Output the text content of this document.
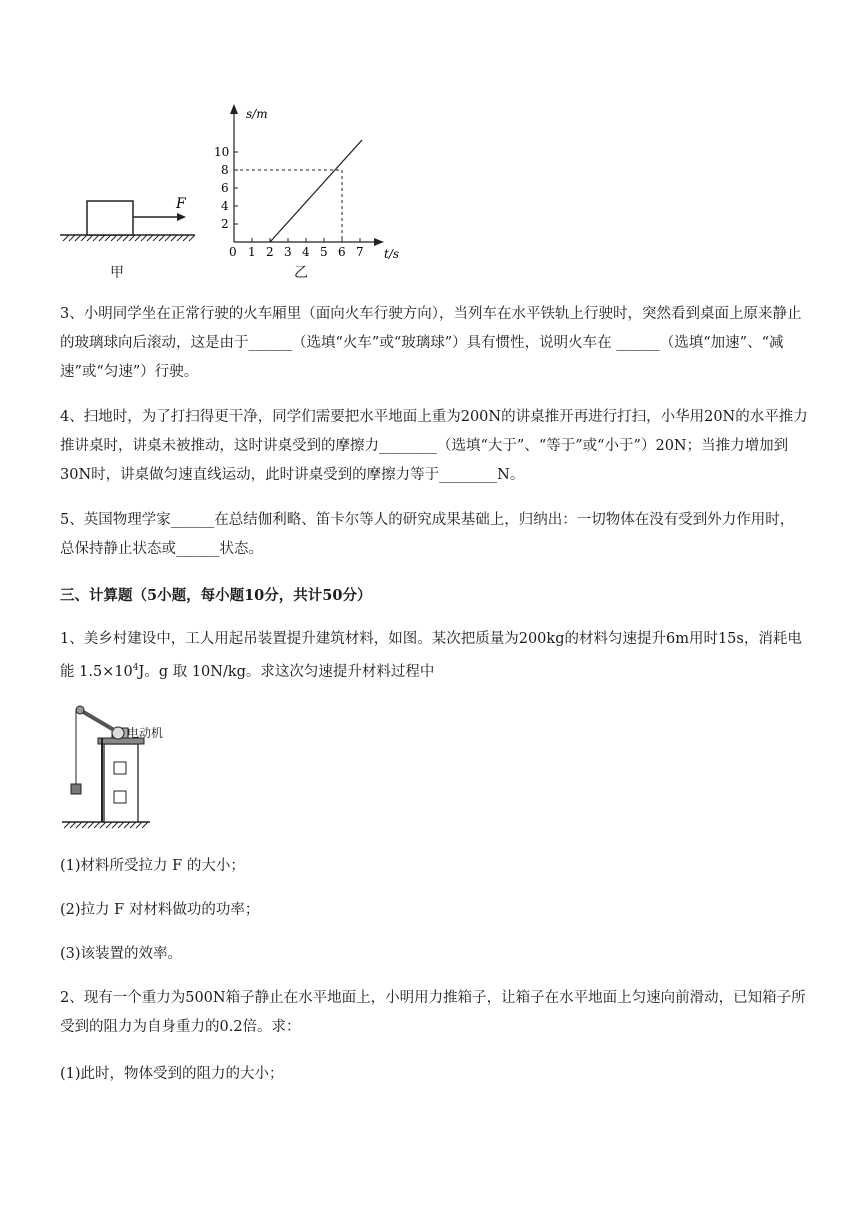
F
甲
s/m
t/s
2
4
6
8
10
0 1 2 3 4 5 6 7
乙

3、小明同学坐在正常行驶的火车厢里（面向火车行驶方向），当列车在水平铁轨上行驶时，突然看到桌面上原来静止的玻璃球向后滚动，这是由于______（选填“火车”或“玻璃球”）具有惯性，说明火车在 ______（选填“加速”、“减速”或“匀速”）行驶。

4、扫地时，为了打扫得更干净，同学们需要把水平地面上重为200N的讲桌推开再进行打扫，小华用20N的水平推力推讲桌时，讲桌未被推动，这时讲桌受到的摩擦力________（选填“大于”、“等于”或“小于”）20N；当推力增加到30N时，讲桌做匀速直线运动，此时讲桌受到的摩擦力等于________N。

5、英国物理学家______在总结伽利略、笛卡尔等人的研究成果基础上，归纳出：一切物体在没有受到外力作用时，总保持静止状态或______状态。

三、计算题（5小题，每小题10分，共计50分）

1、美乡村建设中，工人用起吊装置提升建筑材料，如图。某次把质量为200kg的材料匀速提升6m用时15s，消耗电能 $1.5\times 10^4J$。g 取 10N/kg。求这次匀速提升材料过程中

电动机

(1)材料所受拉力 F 的大小；

(2)拉力 F 对材料做功的功率；

(3)该装置的效率。

2、现有一个重力为500N箱子静止在水平地面上，小明用力推箱子，让箱子在水平地面上匀速向前滑动，已知箱子所受到的阻力为自身重力的0.2倍。求：

(1)此时，物体受到的阻力的大小；
